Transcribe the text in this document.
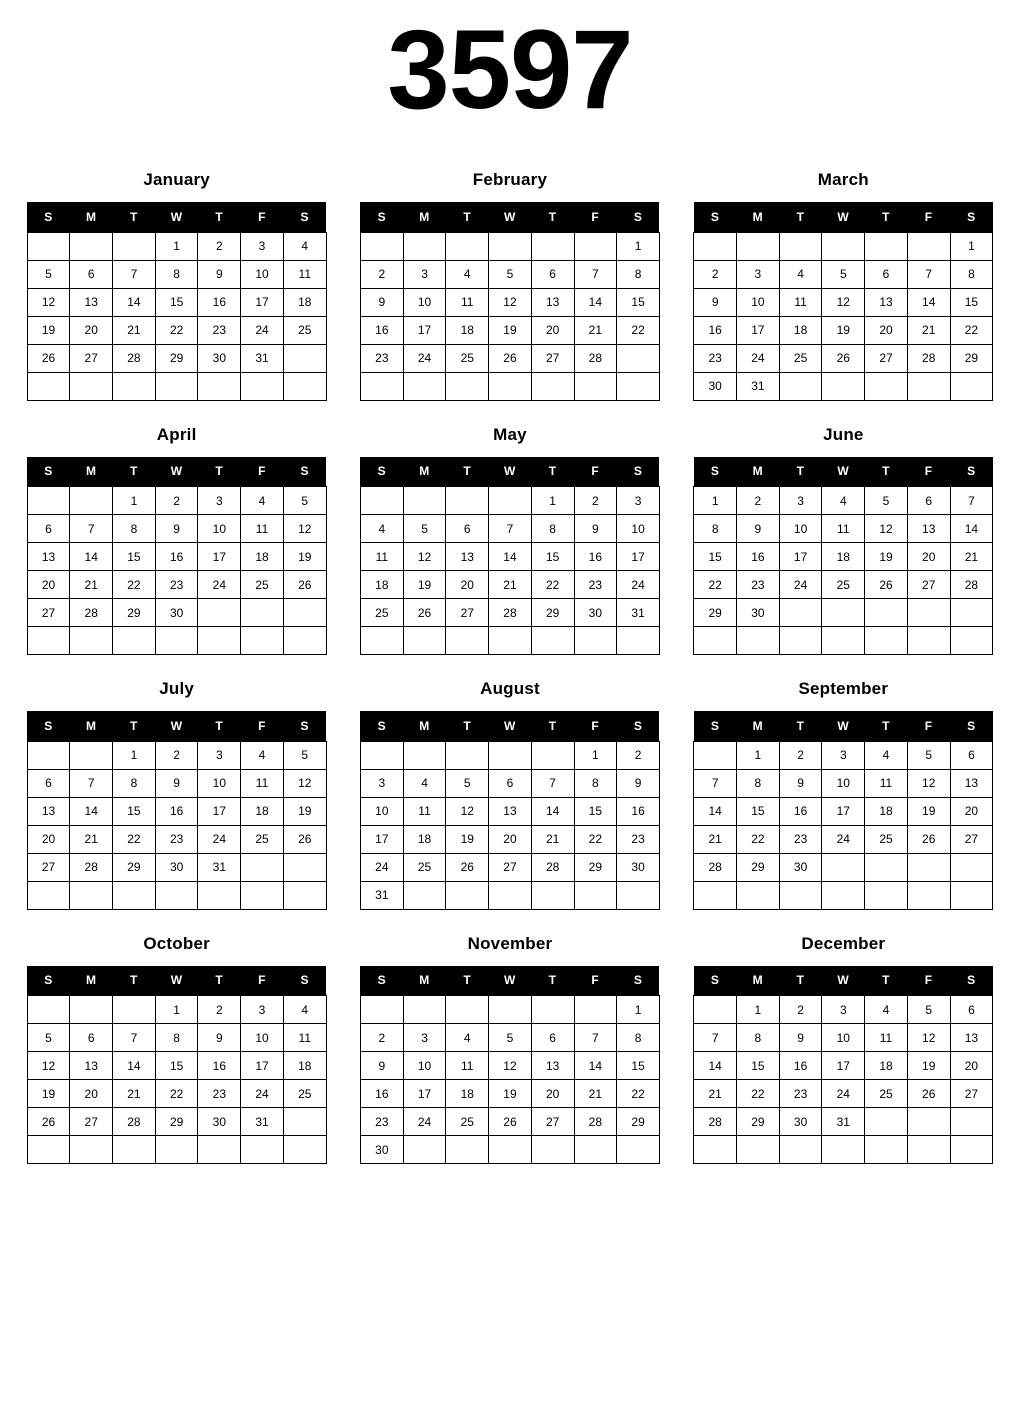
3597
January
S	M	T	W	T	F	S
			1	2	3	4
5	6	7	8	9	10	11
12	13	14	15	16	17	18
19	20	21	22	23	24	25
26	27	28	29	30	31	

February
S	M	T	W	T	F	S
						1
2	3	4	5	6	7	8
9	10	11	12	13	14	15
16	17	18	19	20	21	22
23	24	25	26	27	28	

March
S	M	T	W	T	F	S
						1
2	3	4	5	6	7	8
9	10	11	12	13	14	15
16	17	18	19	20	21	22
23	24	25	26	27	28	29
30	31					
April
S	M	T	W	T	F	S
		1	2	3	4	5
6	7	8	9	10	11	12
13	14	15	16	17	18	19
20	21	22	23	24	25	26
27	28	29	30			

May
S	M	T	W	T	F	S
				1	2	3
4	5	6	7	8	9	10
11	12	13	14	15	16	17
18	19	20	21	22	23	24
25	26	27	28	29	30	31

June
S	M	T	W	T	F	S
1	2	3	4	5	6	7
8	9	10	11	12	13	14
15	16	17	18	19	20	21
22	23	24	25	26	27	28
29	30					

July
S	M	T	W	T	F	S
		1	2	3	4	5
6	7	8	9	10	11	12
13	14	15	16	17	18	19
20	21	22	23	24	25	26
27	28	29	30	31		

August
S	M	T	W	T	F	S
					1	2
3	4	5	6	7	8	9
10	11	12	13	14	15	16
17	18	19	20	21	22	23
24	25	26	27	28	29	30
31						
September
S	M	T	W	T	F	S
	1	2	3	4	5	6
7	8	9	10	11	12	13
14	15	16	17	18	19	20
21	22	23	24	25	26	27
28	29	30				

October
S	M	T	W	T	F	S
			1	2	3	4
5	6	7	8	9	10	11
12	13	14	15	16	17	18
19	20	21	22	23	24	25
26	27	28	29	30	31	

November
S	M	T	W	T	F	S
						1
2	3	4	5	6	7	8
9	10	11	12	13	14	15
16	17	18	19	20	21	22
23	24	25	26	27	28	29
30						
December
S	M	T	W	T	F	S
	1	2	3	4	5	6
7	8	9	10	11	12	13
14	15	16	17	18	19	20
21	22	23	24	25	26	27
28	29	30	31			
